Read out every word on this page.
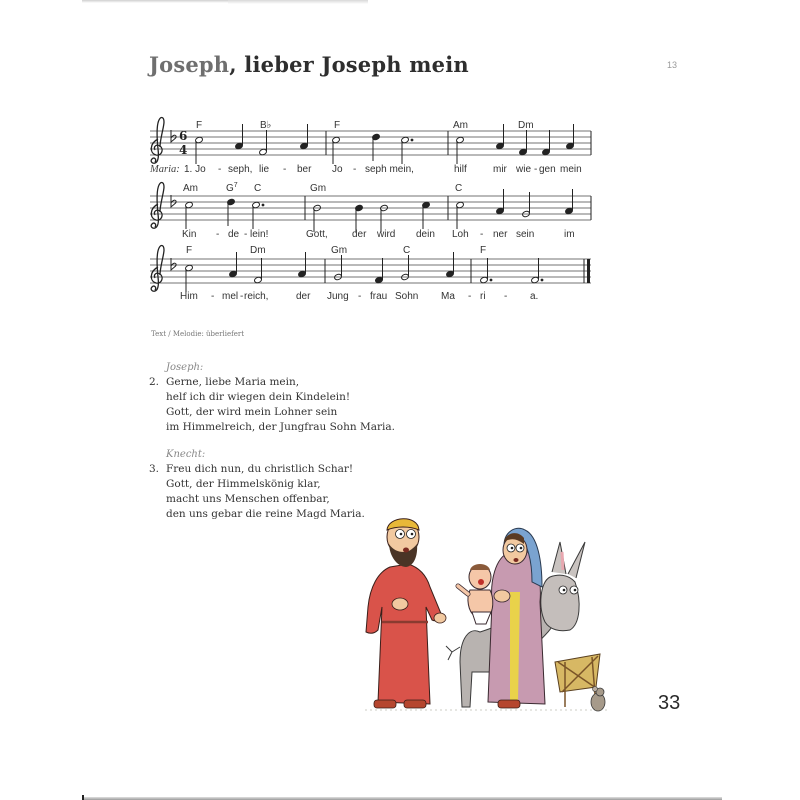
Joseph, lieber Joseph mein	13
6
4
F	B♭	F	Am	Dm
Maria: 1. Jo - seph, lie - ber Jo - seph mein,	hilf	mir wie - gen mein
Am	$G^7$ C	Gm	C
Kin - de - lein!	Gott, der wird dein Loh - ner sein	im
F	Dm	Gm	C	F
Him - mel - reich,	der Jung - frau Sohn Ma - ri - a.
Text / Melodie: überliefert
Joseph:
2. Gerne, liebe Maria mein,
helf ich dir wiegen dein Kindelein!
Gott, der wird mein Lohner sein
im Himmelreich, der Jungfrau Sohn Maria.
Knecht:
3. Freu dich nun, du christlich Schar!
Gott, der Himmelskönig klar,
macht uns Menschen offenbar,
den uns gebar die reine Magd Maria.
33
